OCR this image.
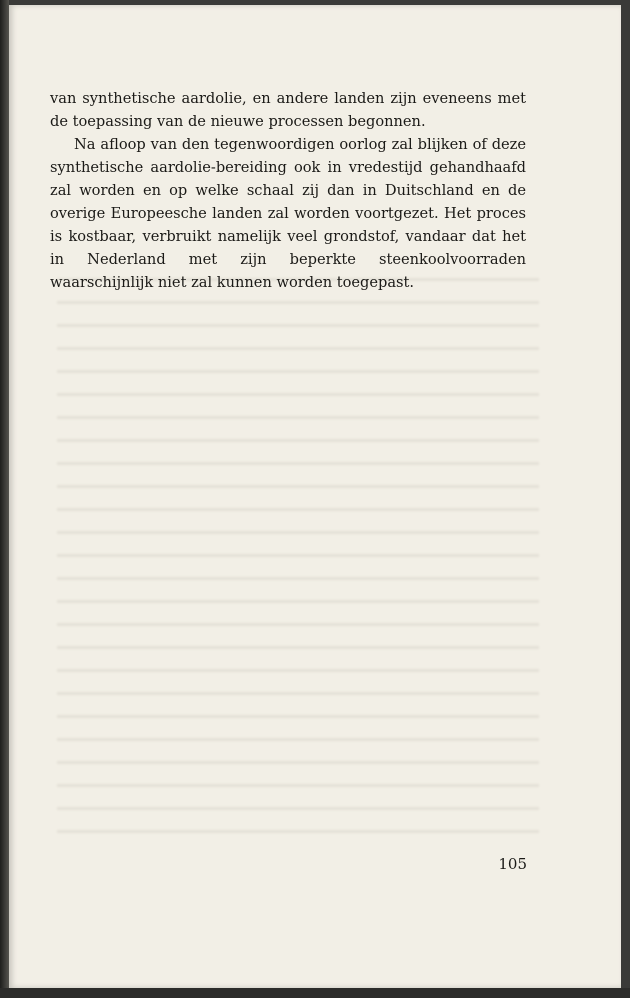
van synthetische aardolie, en andere landen zijn eveneens met de toepassing van de nieuwe processen begonnen.

Na afloop van den tegenwoordigen oorlog zal blijken of deze synthetische aardolie-bereiding ook in vredestijd gehandhaafd zal worden en op welke schaal zij dan in Duitschland en de overige Europeesche landen zal worden voortgezet. Het proces is kostbaar, verbruikt namelijk veel grondstof, vandaar dat het in Nederland met zijn beperkte steenkoolvoorraden waarschijnlijk niet zal kunnen worden toegepast.

105
